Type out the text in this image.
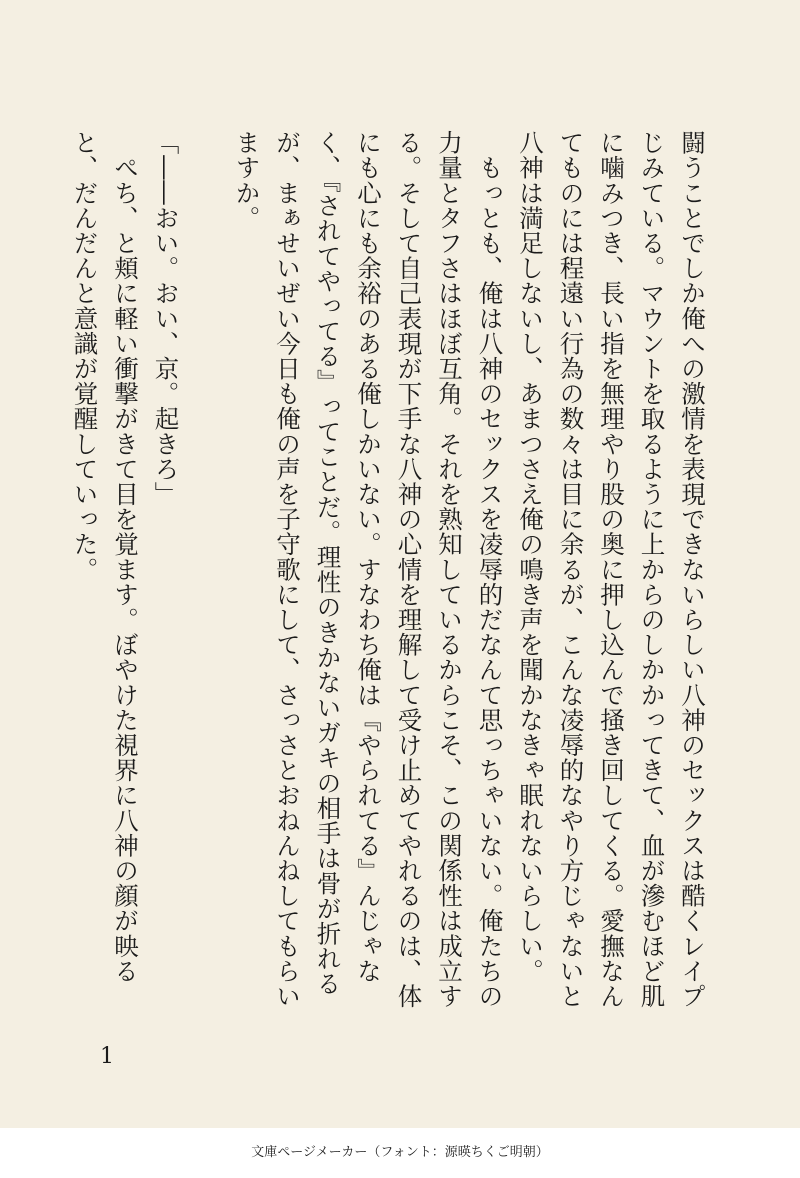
闘うことでしか俺への激情を表現できないらしい八神のセックスは酷くレイプじみている。マウントを取るように上からのしかかってきて、血が滲むほど肌に噛みつき、長い指を無理やり股の奥に押し込んで掻き回してくる。愛撫なんてものには程遠い行為の数々は目に余るが、こんな凌辱的なやり方じゃないと八神は満足しないし、あまつさえ俺の鳴き声を聞かなきゃ眠れないらしい。

　もっとも、俺は八神のセックスを凌辱的だなんて思っちゃいない。俺たちの力量とタフさはほぼ互角。それを熟知しているからこそ、この関係性は成立する。そして自己表現が下手な八神の心情を理解して受け止めてやれるのは、体にも心にも余裕のある俺しかいない。すなわち俺は『やられてる』んじゃなく、『されてやってる』ってことだ。理性のきかないガキの相手は骨が折れるが、まぁせいぜい今日も俺の声を子守歌にして、さっさとおねんねしてもらいますか。

「――おい。おい、京。起きろ」

　ぺち、と頬に軽い衝撃がきて目を覚ます。ぼやけた視界に八神の顔が映ると、だんだんと意識が覚醒していった。

1
文庫ページメーカー（フォント：源暎ちくご明朝）
